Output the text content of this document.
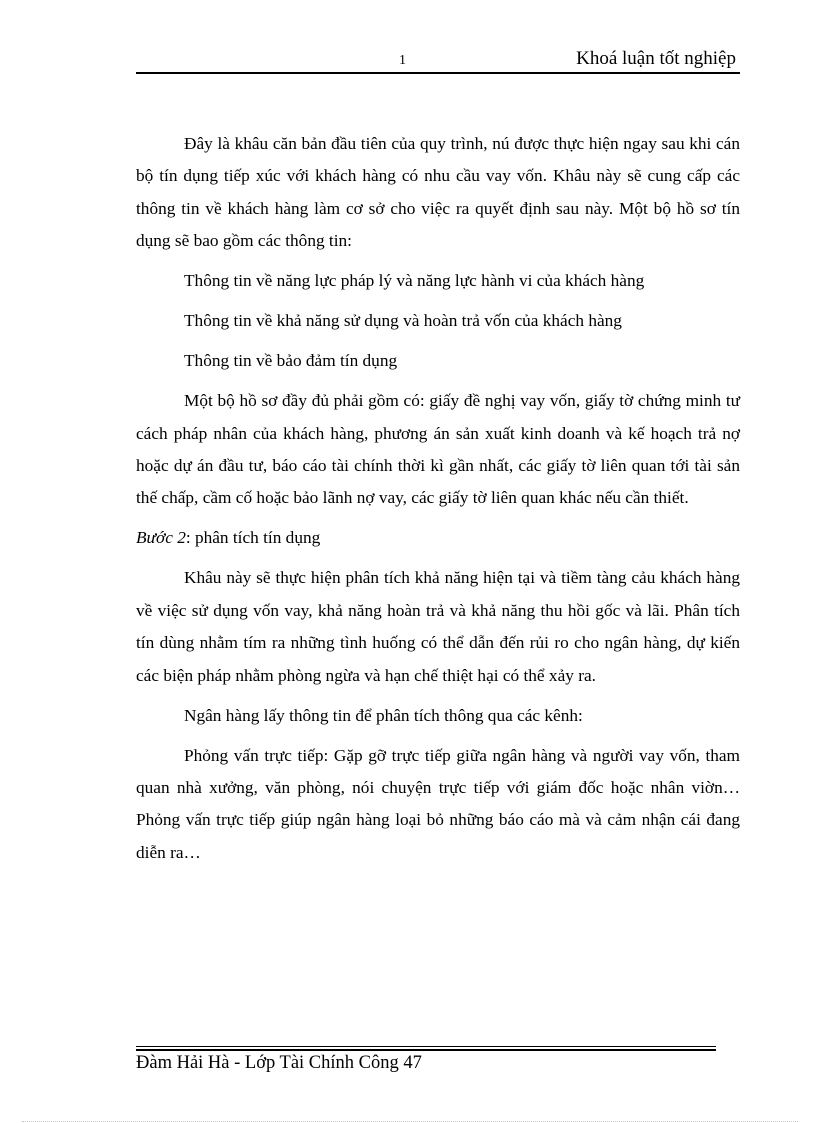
1	Khoá luận tốt nghiệp

Đây là khâu căn bản đầu tiên của quy trình, nú được thực hiện ngay sau khi cán bộ tín dụng tiếp xúc với khách hàng có nhu cầu vay vốn. Khâu này sẽ cung cấp các thông tin về khách hàng làm cơ sở cho việc ra quyết định sau này. Một bộ hồ sơ tín dụng sẽ bao gồm các thông tin:

Thông tin về năng lực pháp lý và năng lực hành vi của khách hàng

Thông tin về khả năng sử dụng và hoàn trả vốn của khách hàng

Thông tin về bảo đảm tín dụng

Một bộ hồ sơ đầy đủ phải gồm có: giấy đề nghị vay vốn, giấy tờ chứng minh tư cách pháp nhân của khách hàng, phương án sản xuất kinh doanh và kế hoạch trả nợ hoặc dự án đầu tư, báo cáo tài chính thời kì gần nhất, các giấy tờ liên quan tới tài sản thế chấp, cầm cố hoặc bảo lãnh nợ vay, các giấy tờ liên quan khác nếu cần thiết.

Bước 2: phân tích tín dụng

Khâu này sẽ thực hiện phân tích khả năng hiện tại và tiềm tàng cảu khách hàng về việc sử dụng vốn vay, khả năng hoàn trả và khả năng thu hồi gốc và lãi. Phân tích tín dùng nhằm tím ra những tình huống có thể dẫn đến rủi ro cho ngân hàng, dự kiến các biện pháp nhằm phòng ngừa và hạn chế thiệt hại có thể xảy ra.

Ngân hàng lấy thông tin để phân tích thông qua các kênh:

Phỏng vấn trực tiếp: Gặp gỡ trực tiếp giữa ngân hàng và người vay vốn, tham quan nhà xưởng, văn phòng, nói chuyện trực tiếp với giám đốc hoặc nhân viờn…Phỏng vấn trực tiếp giúp ngân hàng loại bỏ những báo cáo mà và cảm nhận cái đang diễn ra…

Đàm Hải Hà - Lớp Tài Chính Công 47
